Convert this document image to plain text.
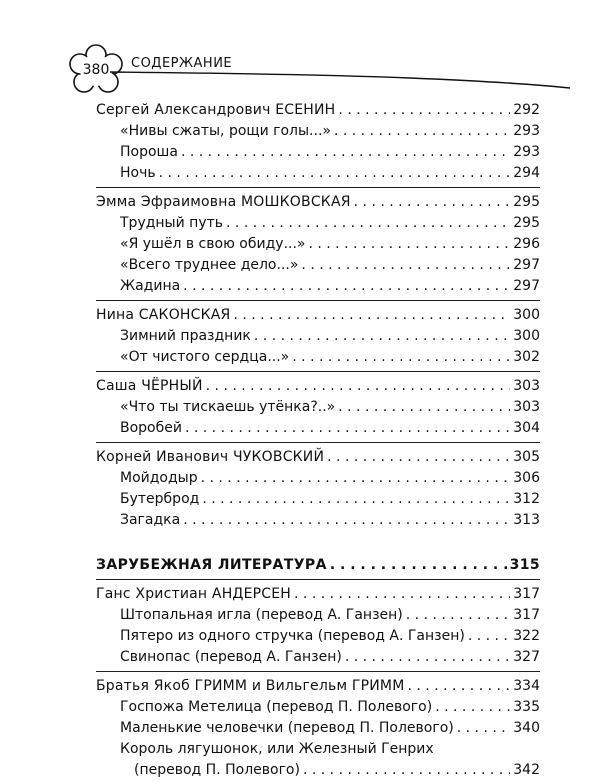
380	СОДЕРЖАНИЕ
Сергей Александрович ЕСЕНИН . . .	292
«Нивы сжаты, рощи голы...» . . .	293
Пороша . . .	293
Ночь . . .	294
Эмма Эфраимовна МОШКОВСКАЯ . . .	295
Трудный путь . . .	295
«Я ушёл в свою обиду...» . . .	296
«Всего труднее дело...» . . .	297
Жадина . . .	297
Нина САКОНСКАЯ . . .	300
Зимний праздник . . .	300
«От чистого сердца...» . . .	302
Саша ЧЁРНЫЙ . . .	303
«Что ты тискаешь утёнка?..» . . .	303
Воробей . . .	304
Корней Иванович ЧУКОВСКИЙ . . .	305
Мойдодыр . . .	306
Бутерброд . . .	312
Загадка . . .	313
ЗАРУБЕЖНАЯ ЛИТЕРАТУРА . . .	315
Ганс Христиан АНДЕРСЕН . . .	317
Штопальная игла (перевод А. Ганзен) . . .	317
Пятеро из одного стручка (перевод А. Ганзен) . . .	322
Свинопас (перевод А. Ганзен) . . .	327
Братья Якоб ГРИММ и Вильгельм ГРИММ . . .	334
Госпожа Метелица (перевод П. Полевого) . . .	335
Маленькие человечки (перевод П. Полевого) . . .	340
Король лягушонок, или Железный Генрих
(перевод П. Полевого) . . .	342
